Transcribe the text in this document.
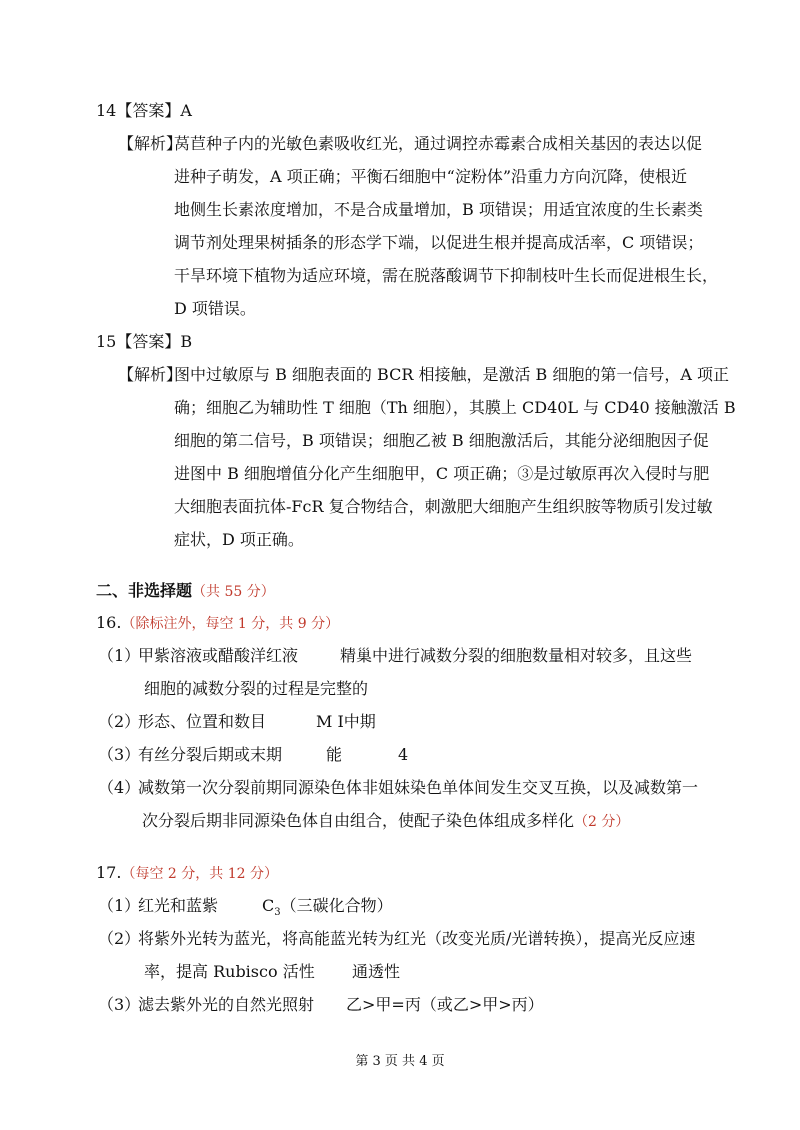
14【答案】A
【解析】
莴苣种子内的光敏色素吸收红光，通过调控赤霉素合成相关基因的表达以促
进种子萌发，A 项正确；平衡石细胞中“淀粉体”沿重力方向沉降，使根近
地侧生长素浓度增加，不是合成量增加，B 项错误；用适宜浓度的生长素类
调节剂处理果树插条的形态学下端，以促进生根并提高成活率，C 项错误；
干旱环境下植物为适应环境，需在脱落酸调节下抑制枝叶生长而促进根生长，
D 项错误。
15【答案】B
【解析】
图中过敏原与 B 细胞表面的 BCR 相接触，是激活 B 细胞的第一信号，A 项正
确；细胞乙为辅助性 T 细胞（Th 细胞），其膜上 CD40L 与 CD40 接触激活 B
细胞的第二信号，B 项错误；细胞乙被 B 细胞激活后，其能分泌细胞因子促
进图中 B 细胞增值分化产生细胞甲，C 项正确；③是过敏原再次入侵时与肥
大细胞表面抗体-FcR 复合物结合，刺激肥大细胞产生组织胺等物质引发过敏
症状，D 项正确。
二、非选择题（共 55 分）
16.（除标注外，每空 1 分，共 9 分）
（1）
甲紫溶液或醋酸洋红液	精巢中进行减数分裂的细胞数量相对较多，且这些
细胞的减数分裂的过程是完整的
（2）
形态、位置和数目	M Ⅰ中期
（3）
有丝分裂后期或末期	能	4
（4）
减数第一次分裂前期同源染色体非姐妹染色单体间发生交叉互换，以及减数第一
次分裂后期非同源染色体自由组合，使配子染色体组成多样化（2 分）
17.（每空 2 分，共 12 分）
（1）
红光和蓝紫	$C_3$（三碳化合物）
（2）
将紫外光转为蓝光，将高能蓝光转为红光（改变光质/光谱转换），提高光反应速
率，提高 Rubisco 活性 通透性
（3）
滤去紫外光的自然光照射 乙>甲=丙（或乙>甲>丙）
第 3 页 共 4 页
